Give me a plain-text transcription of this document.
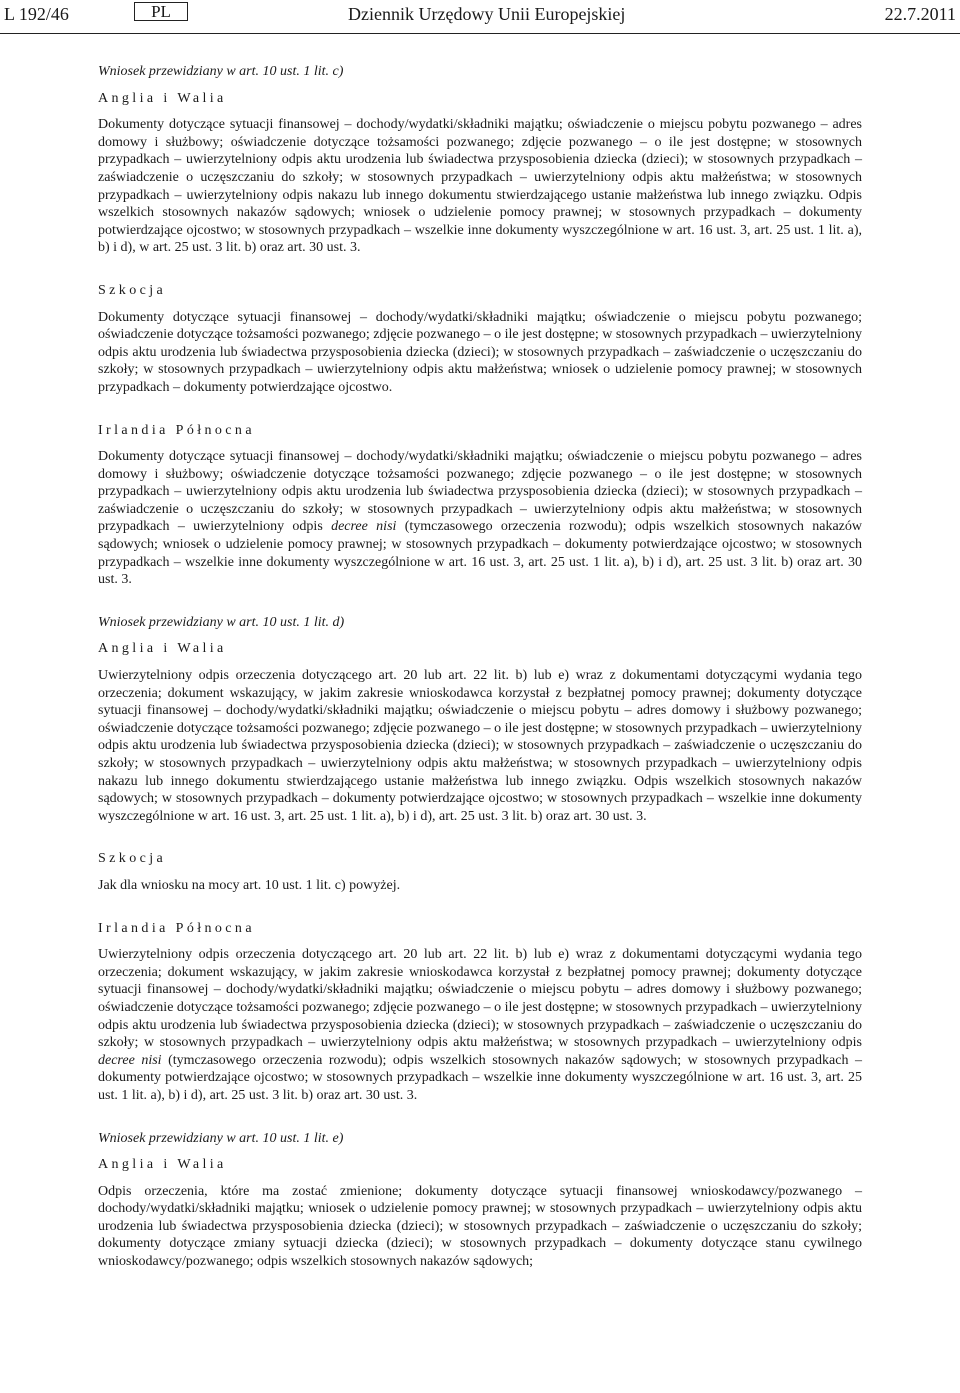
L 192/46	PL	Dziennik Urzędowy Unii Europejskiej	22.7.2011

Wniosek przewidziany w art. 10 ust. 1 lit. c)

Anglia i Walia

Dokumenty dotyczące sytuacji finansowej – dochody/wydatki/składniki majątku; oświadczenie o miejscu pobytu pozwanego – adres domowy i służbowy; oświadczenie dotyczące tożsamości pozwanego; zdjęcie pozwanego – o ile jest dostępne; w stosownych przypadkach – uwierzytelniony odpis aktu urodzenia lub świadectwa przysposobienia dziecka (dzieci); w stosownych przypadkach – zaświadczenie o uczęszczaniu do szkoły; w stosownych przypadkach – uwierzytelniony odpis aktu małżeństwa; w stosownych przypadkach – uwierzytelniony odpis nakazu lub innego dokumentu stwierdzającego ustanie małżeństwa lub innego związku. Odpis wszelkich stosownych nakazów sądowych; wniosek o udzielenie pomocy prawnej; w stosownych przypadkach – dokumenty potwierdzające ojcostwo; w stosownych przypadkach – wszelkie inne dokumenty wyszczególnione w art. 16 ust. 3, art. 25 ust. 1 lit. a), b) i d), w art. 25 ust. 3 lit. b) oraz art. 30 ust. 3.

Szkocja

Dokumenty dotyczące sytuacji finansowej – dochody/wydatki/składniki majątku; oświadczenie o miejscu pobytu pozwanego; oświadczenie dotyczące tożsamości pozwanego; zdjęcie pozwanego – o ile jest dostępne; w stosownych przypadkach – uwierzytelniony odpis aktu urodzenia lub świadectwa przysposobienia dziecka (dzieci); w stosownych przypadkach – zaświadczenie o uczęszczaniu do szkoły; w stosownych przypadkach – uwierzytelniony odpis aktu małżeństwa; wniosek o udzielenie pomocy prawnej; w stosownych przypadkach – dokumenty potwierdzające ojcostwo.

Irlandia Północna

Dokumenty dotyczące sytuacji finansowej – dochody/wydatki/składniki majątku; oświadczenie o miejscu pobytu pozwanego – adres domowy i służbowy; oświadczenie dotyczące tożsamości pozwanego; zdjęcie pozwanego – o ile jest dostępne; w stosownych przypadkach – uwierzytelniony odpis aktu urodzenia lub świadectwa przysposobienia dziecka (dzieci); w stosownych przypadkach – zaświadczenie o uczęszczaniu do szkoły; w stosownych przypadkach – uwierzytelniony odpis aktu małżeństwa; w stosownych przypadkach – uwierzytelniony odpis decree nisi (tymczasowego orzeczenia rozwodu); odpis wszelkich stosownych nakazów sądowych; wniosek o udzielenie pomocy prawnej; w stosownych przypadkach – dokumenty potwierdzające ojcostwo; w stosownych przypadkach – wszelkie inne dokumenty wyszczególnione w art. 16 ust. 3, art. 25 ust. 1 lit. a), b) i d), art. 25 ust. 3 lit. b) oraz art. 30 ust. 3.

Wniosek przewidziany w art. 10 ust. 1 lit. d)

Anglia i Walia

Uwierzytelniony odpis orzeczenia dotyczącego art. 20 lub art. 22 lit. b) lub e) wraz z dokumentami dotyczącymi wydania tego orzeczenia; dokument wskazujący, w jakim zakresie wnioskodawca korzystał z bezpłatnej pomocy prawnej; dokumenty dotyczące sytuacji finansowej – dochody/wydatki/składniki majątku; oświadczenie o miejscu pobytu – adres domowy i służbowy pozwanego; oświadczenie dotyczące tożsamości pozwanego; zdjęcie pozwanego – o ile jest dostępne; w stosownych przypadkach – uwierzytelniony odpis aktu urodzenia lub świadectwa przysposobienia dziecka (dzieci); w stosownych przypadkach – zaświadczenie o uczęszczaniu do szkoły; w stosownych przypadkach – uwierzytelniony odpis aktu małżeństwa; w stosownych przypadkach – uwierzytelniony odpis nakazu lub innego dokumentu stwierdzającego ustanie małżeństwa lub innego związku. Odpis wszelkich stosownych nakazów sądowych; w stosownych przypadkach – dokumenty potwierdzające ojcostwo; w stosownych przypadkach – wszelkie inne dokumenty wyszczególnione w art. 16 ust. 3, art. 25 ust. 1 lit. a), b) i d), art. 25 ust. 3 lit. b) oraz art. 30 ust. 3.

Szkocja

Jak dla wniosku na mocy art. 10 ust. 1 lit. c) powyżej.

Irlandia Północna

Uwierzytelniony odpis orzeczenia dotyczącego art. 20 lub art. 22 lit. b) lub e) wraz z dokumentami dotyczącymi wydania tego orzeczenia; dokument wskazujący, w jakim zakresie wnioskodawca korzystał z bezpłatnej pomocy prawnej; dokumenty dotyczące sytuacji finansowej – dochody/wydatki/składniki majątku; oświadczenie o miejscu pobytu – adres domowy i służbowy pozwanego; oświadczenie dotyczące tożsamości pozwanego; zdjęcie pozwanego – o ile jest dostępne; w stosownych przypadkach – uwierzytelniony odpis aktu urodzenia lub świadectwa przysposobienia dziecka (dzieci); w stosownych przypadkach – zaświadczenie o uczęszczaniu do szkoły; w stosownych przypadkach – uwierzytelniony odpis aktu małżeństwa; w stosownych przypadkach – uwierzytelniony odpis decree nisi (tymczasowego orzeczenia rozwodu); odpis wszelkich stosownych nakazów sądowych; w stosownych przypadkach – dokumenty potwierdzające ojcostwo; w stosownych przypadkach – wszelkie inne dokumenty wyszczególnione w art. 16 ust. 3, art. 25 ust. 1 lit. a), b) i d), art. 25 ust. 3 lit. b) oraz art. 30 ust. 3.

Wniosek przewidziany w art. 10 ust. 1 lit. e)

Anglia i Walia

Odpis orzeczenia, które ma zostać zmienione; dokumenty dotyczące sytuacji finansowej wnioskodawcy/pozwanego – dochody/wydatki/składniki majątku; wniosek o udzielenie pomocy prawnej; w stosownych przypadkach – uwierzytelniony odpis aktu urodzenia lub świadectwa przysposobienia dziecka (dzieci); w stosownych przypadkach – zaświadczenie o uczęszczaniu do szkoły; dokumenty dotyczące zmiany sytuacji dziecka (dzieci); w stosownych przypadkach – dokumenty dotyczące stanu cywilnego wnioskodawcy/pozwanego; odpis wszelkich stosownych nakazów sądowych;
